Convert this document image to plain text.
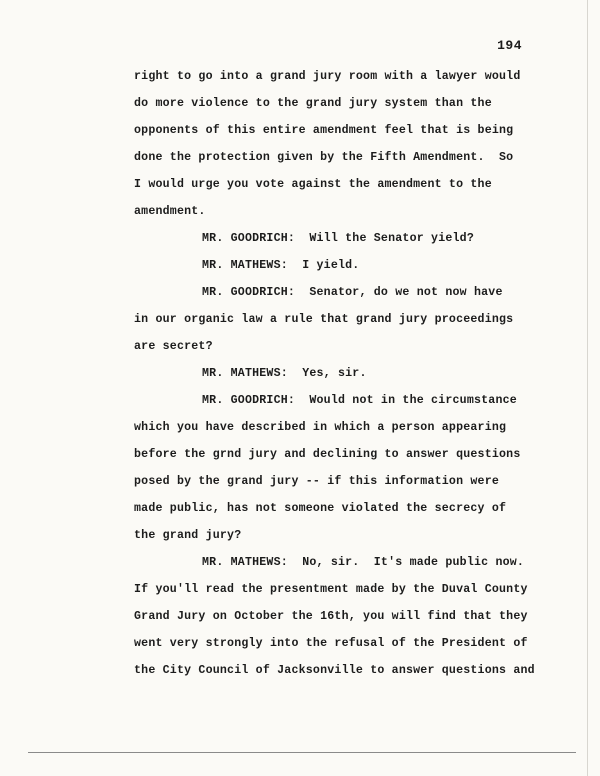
194
right to go into a grand jury room with a lawyer would
do more violence to the grand jury system than the
opponents of this entire amendment feel that is being
done the protection given by the Fifth Amendment.  So
I would urge you vote against the amendment to the
amendment.
MR. GOODRICH:  Will the Senator yield?
MR. MATHEWS:  I yield.
MR. GOODRICH:  Senator, do we not now have
in our organic law a rule that grand jury proceedings
are secret?
MR. MATHEWS:  Yes, sir.
MR. GOODRICH:  Would not in the circumstance
which you have described in which a person appearing
before the grnd jury and declining to answer questions
posed by the grand jury -- if this information were
made public, has not someone violated the secrecy of
the grand jury?
MR. MATHEWS:  No, sir.  It's made public now.
If you'll read the presentment made by the Duval County
Grand Jury on October the 16th, you will find that they
went very strongly into the refusal of the President of
the City Council of Jacksonville to answer questions and
